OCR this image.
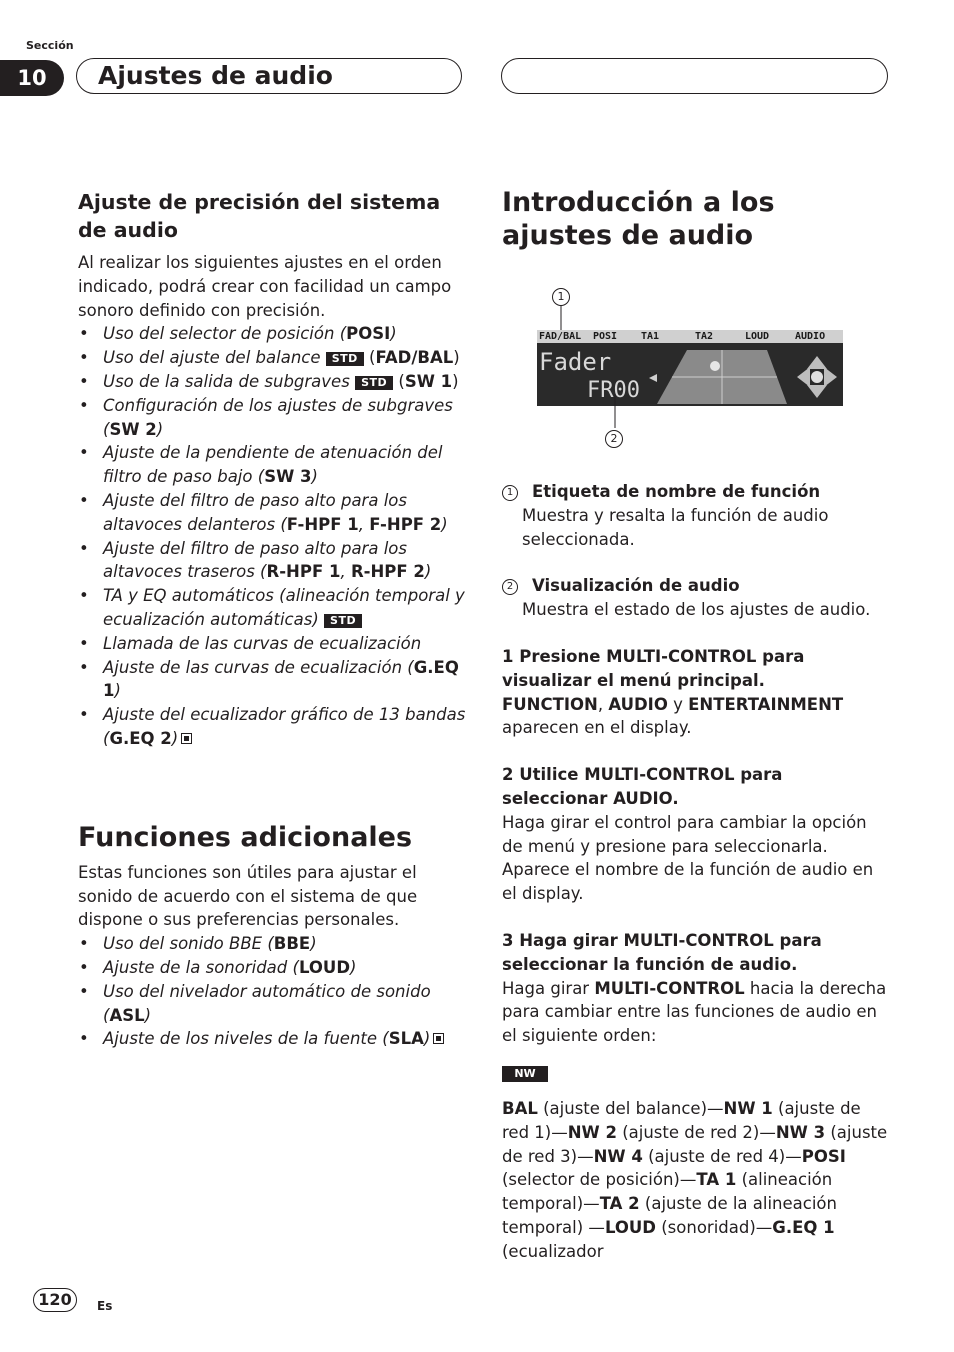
Sección
10	Ajustes de audio
Ajuste de precisión del sistema de audio

Al realizar los siguientes ajustes en el orden indicado, podrá crear con facilidad un campo sonoro definido con precisión.

• Uso del selector de posición (POSI)
• Uso del ajuste del balance STD (FAD/BAL)
• Uso de la salida de subgraves STD (SW 1)
• Configuración de los ajustes de subgraves (SW 2)
• Ajuste de la pendiente de atenuación del filtro de paso bajo (SW 3)
• Ajuste del filtro de paso alto para los altavoces delanteros (F-HPF 1, F-HPF 2)
• Ajuste del filtro de paso alto para los altavoces traseros (R-HPF 1, R-HPF 2)
• TA y EQ automáticos (alineación temporal y ecualización automáticas) STD
• Llamada de las curvas de ecualización
• Ajuste de las curvas de ecualización (G.EQ 1)
• Ajuste del ecualizador gráfico de 13 bandas (G.EQ 2)
Funciones adicionales

Estas funciones son útiles para ajustar el sonido de acuerdo con el sistema de que dispone o sus preferencias personales.

• Uso del sonido BBE (BBE)
• Ajuste de la sonoridad (LOUD)
• Uso del nivelador automático de sonido (ASL)
• Ajuste de los niveles de la fuente (SLA)
Introducción a los ajustes de audio
1
FAD/BAL POSI TA1	TA2	LOUD	AUDIO
Fader
FR00
2

1 Etiqueta de nombre de función

Muestra y resalta la función de audio seleccionada.

2 Visualización de audio

Muestra el estado de los ajustes de audio.

1 Presione MULTI-CONTROL para visualizar el menú principal.

FUNCTION, AUDIO y ENTERTAINMENT aparecen en el display.

2 Utilice MULTI-CONTROL para seleccionar AUDIO.

Haga girar el control para cambiar la opción de menú y presione para seleccionarla. Aparece el nombre de la función de audio en el display.

3 Haga girar MULTI-CONTROL para seleccionar la función de audio.

Haga girar MULTI-CONTROL hacia la derecha para cambiar entre las funciones de audio en el siguiente orden:

NW

BAL (ajuste del balance)—NW 1 (ajuste de red 1)—NW 2 (ajuste de red 2)—NW 3 (ajuste de red 3)—NW 4 (ajuste de red 4)—POSI (selector de posición)—TA 1 (alineación temporal)—TA 2 (ajuste de la alineación temporal) —LOUD (sonoridad)—G.EQ 1 (ecualizador

120	Es
